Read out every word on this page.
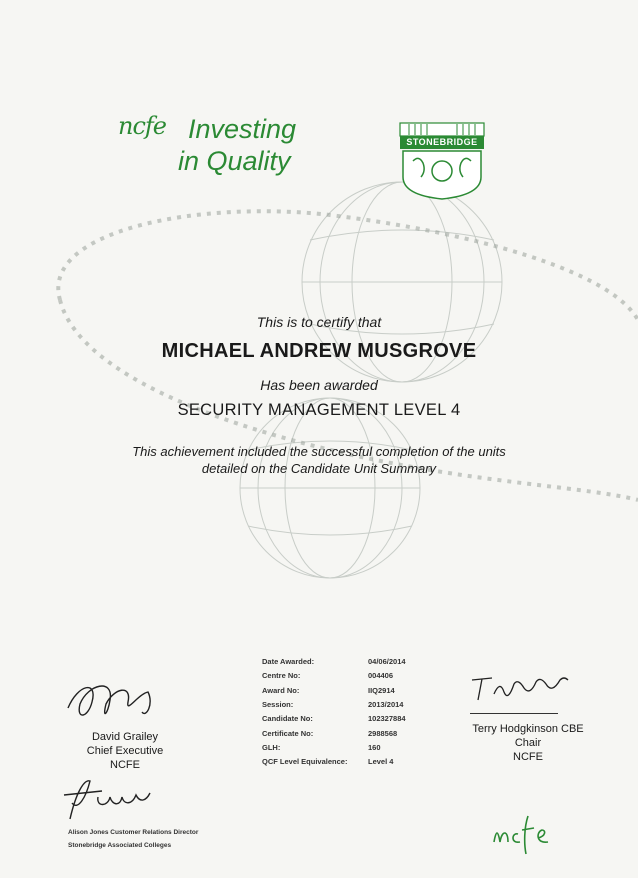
ncfe Investing
in Quality
STONEBRIDGE
This is to certify that
MICHAEL ANDREW MUSGROVE
Has been awarded
SECURITY MANAGEMENT LEVEL 4
This achievement included the successful completion of the units
detailed on the Candidate Unit Summary
David Grailey
Chief Executive
NCFE
Date Awarded:	04/06/2014
Centre No:	004406
Award No:	IIQ2914
Session:	2013/2014
Candidate No:	102327884
Certificate No:	2988568
GLH:	160
QCF Level Equivalence:	Level 4
Terry Hodgkinson CBE
Chair
NCFE
Alison Jones Customer Relations Director
Stonebridge Associated Colleges
